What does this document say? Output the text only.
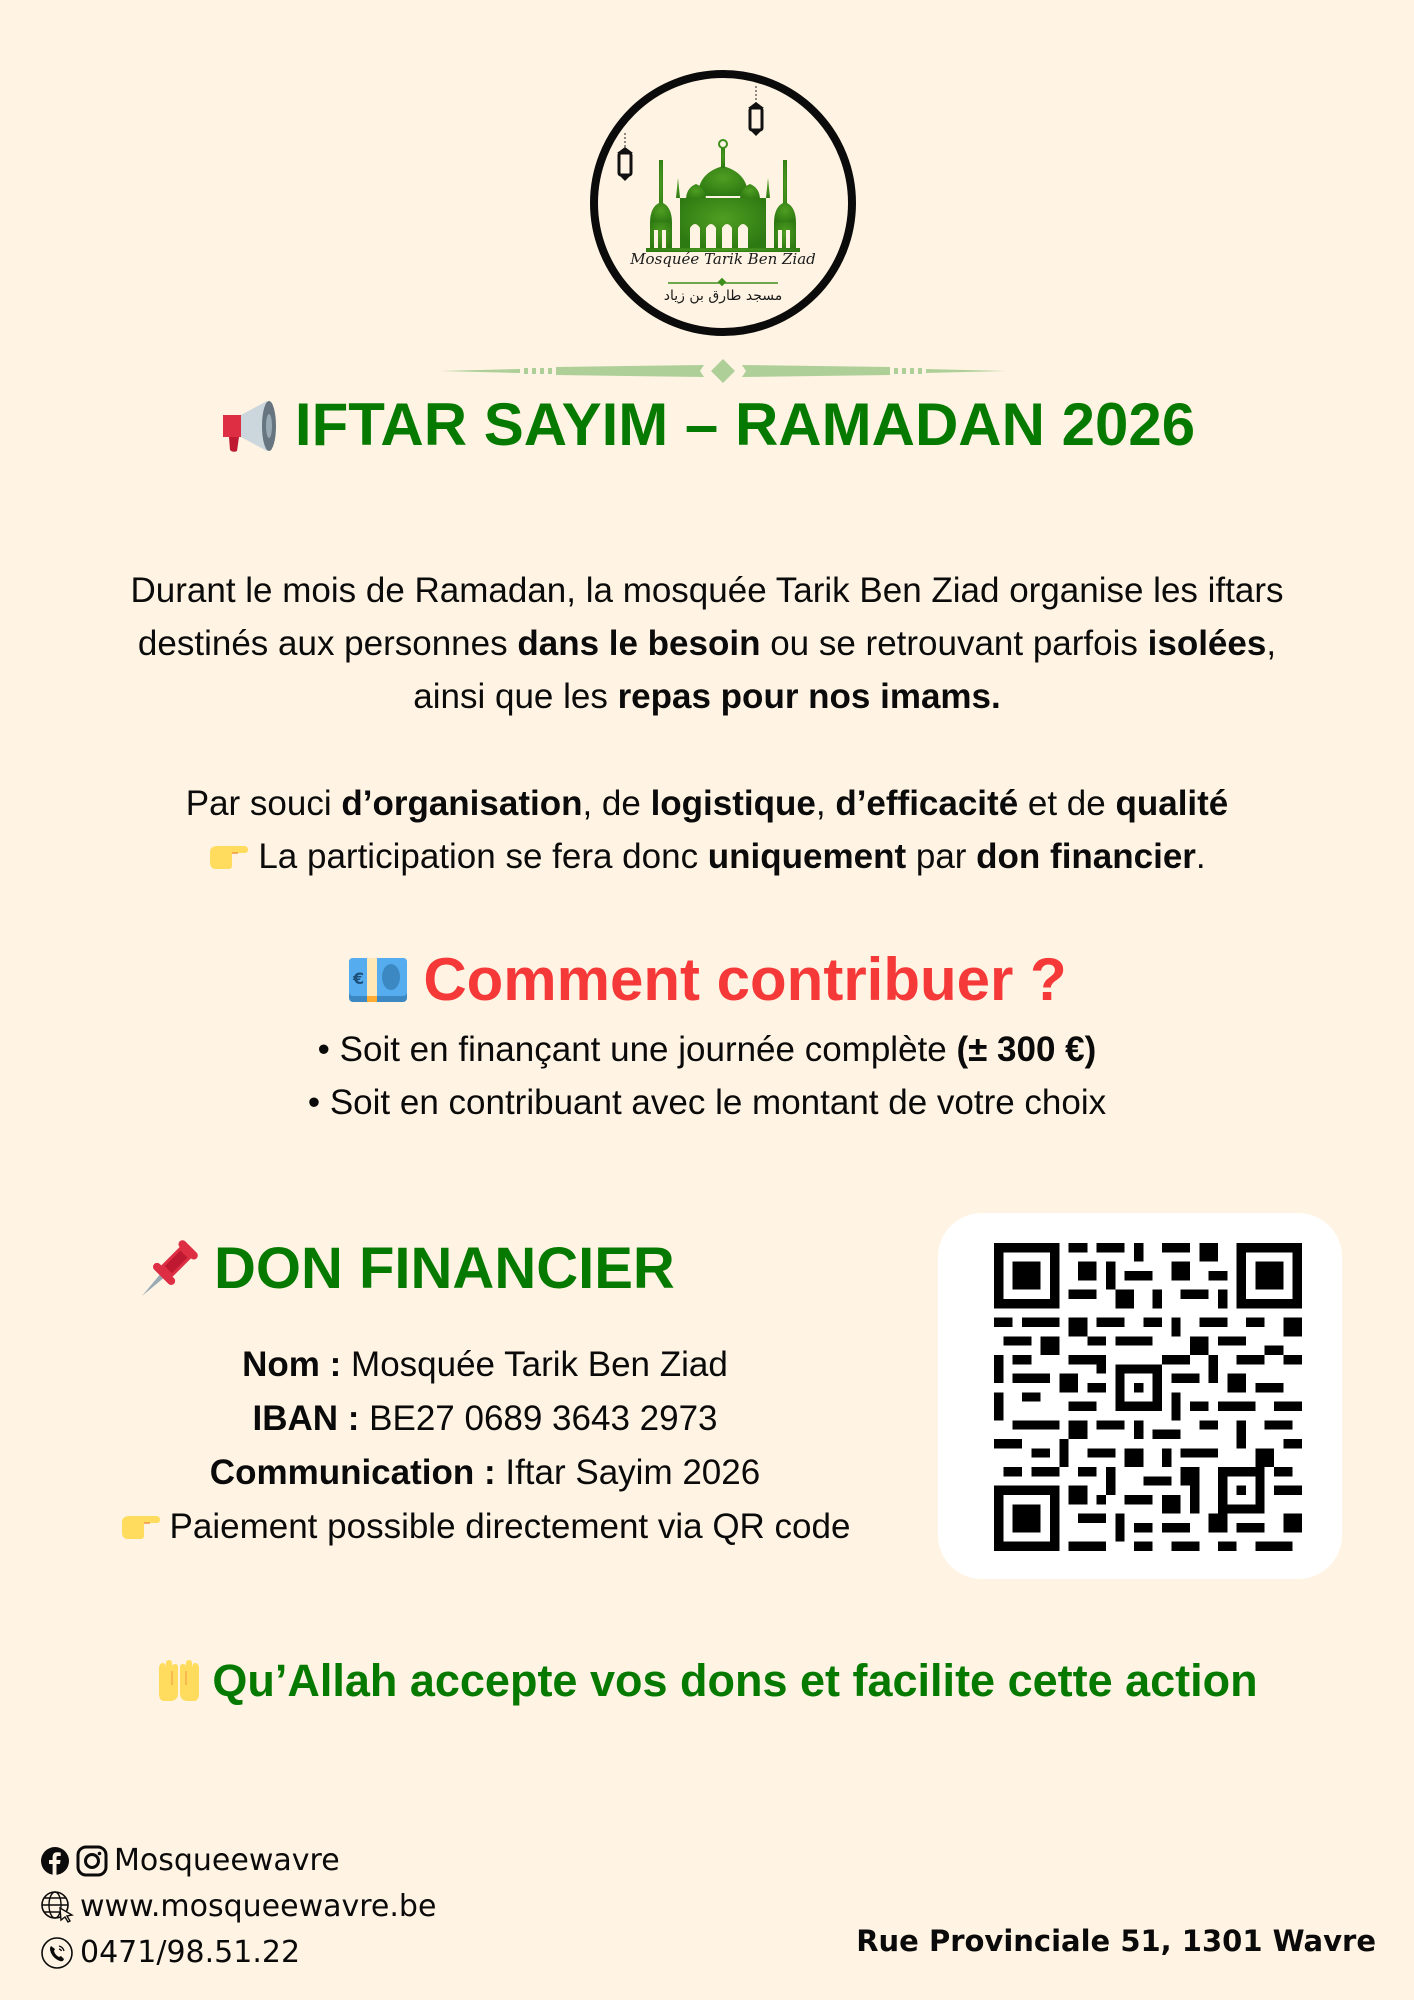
Mosquée Tarik Ben Ziad
مسجد طارق بن زياد
IFTAR SAYIM – RAMADAN 2026
Durant le mois de Ramadan, la mosquée Tarik Ben Ziad organise les iftars
destinés aux personnes dans le besoin ou se retrouvant parfois isolées,
ainsi que les repas pour nos imams.
Par souci d’organisation, de logistique, d’efficacité et de qualité
La participation se fera donc uniquement par don financier.
€ Comment contribuer ?
• Soit en finançant une journée complète (± 300 €)
• Soit en contribuant avec le montant de votre choix
DON FINANCIER
Nom : Mosquée Tarik Ben Ziad
IBAN : BE27 0689 3643 2973
Communication : Iftar Sayim 2026
Paiement possible directement via QR code
Qu’Allah accepte vos dons et facilite cette action
Mosqueewavre
www.mosqueewavre.be
0471/98.51.22	Rue Provinciale 51, 1301 Wavre
